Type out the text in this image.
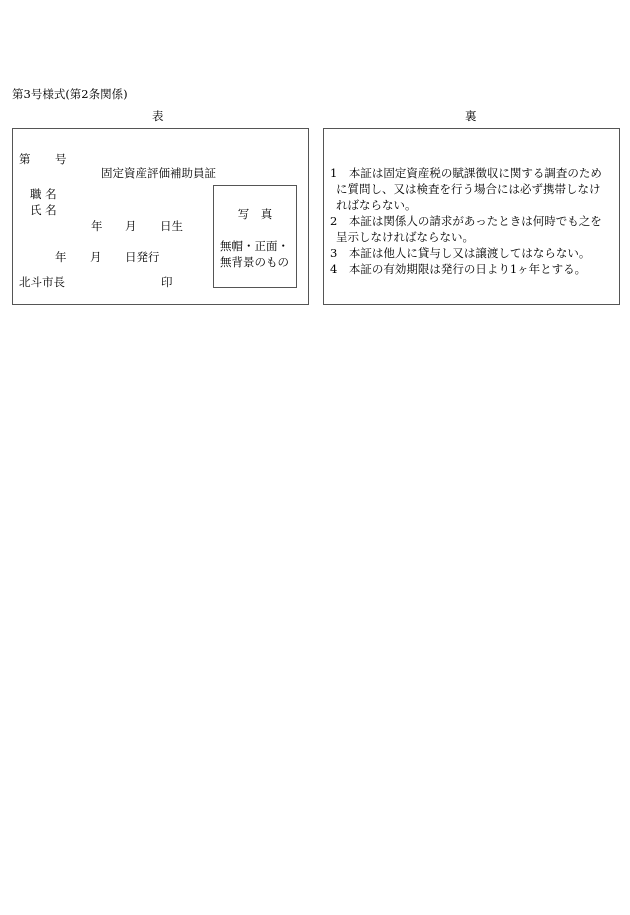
第3号様式(第2条関係)
表	裏
第 号
固定資産評価補助員証
職 名
氏 名
年 月 日生
年 月 日発行
北斗市長	印
写　真
無帽・正面・
無背景のもの
1　 本証は固定資産税の賦課徴収に関する調査のため
に質問し、又は検査を行う場合には必ず携帯しなけ
ればならない。
2　 本証は関係人の請求があったときは何時でも之を
呈示しなければならない。
3　 本証は他人に貸与し又は譲渡してはならない。
4　 本証の有効期限は発行の日より1ヶ年とする。
